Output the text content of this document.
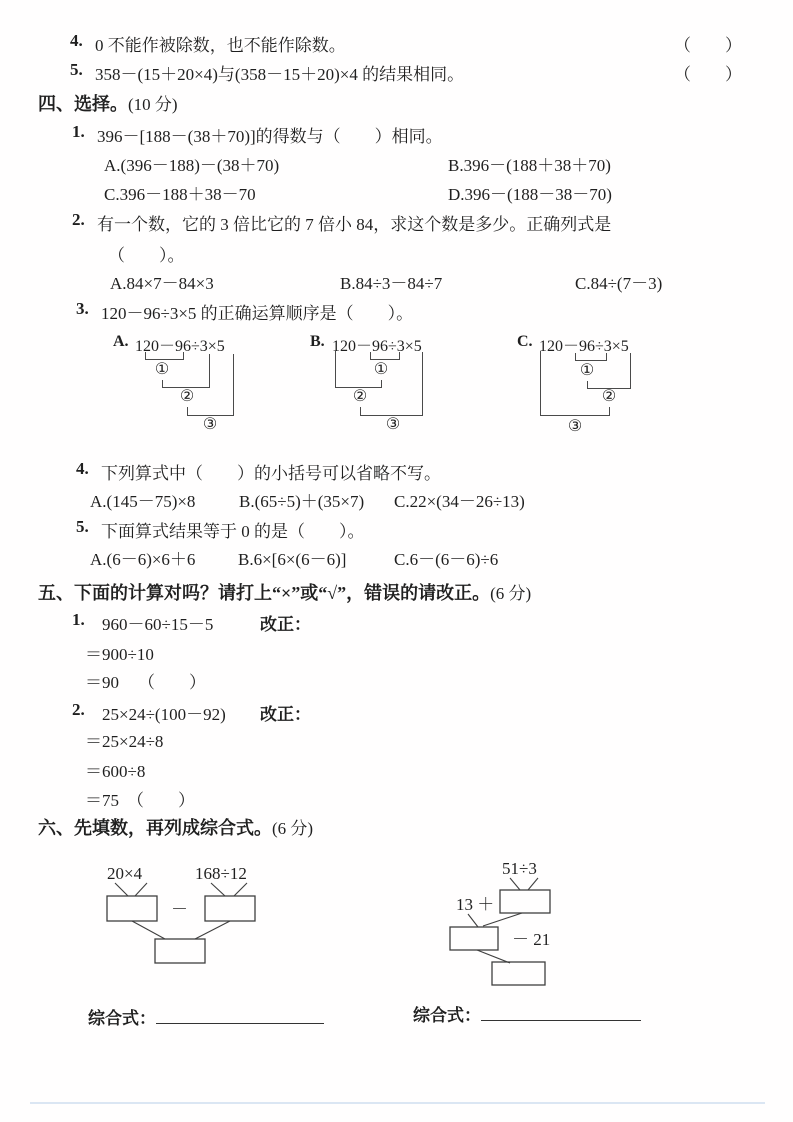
4. 0 不能作被除数，也不能作除数。	（　　）
5. 358－(15＋20×4)与(358－15＋20)×4 的结果相同。	（　　）
四、选择。(10 分)
1. 396－[188－(38＋70)]的得数与（　　）相同。
A.(396－188)－(38＋70)	B.396－(188＋38＋70)
C.396－188＋38－70	D.396－(188－38－70)
2. 有一个数，它的 3 倍比它的 7 倍小 84，求这个数是多少。正确列式是
（　　）。
A.84×7－84×3	B.84÷3－84÷7	C.84÷(7－3)
3. 120－96÷3×5 的正确运算顺序是（　　）。
A. 120－96÷3×5
①
②
③
B. 120－96÷3×5
①
②
③
C. 120－96÷3×5
①
②
③
4. 下列算式中（　　）的小括号可以省略不写。
A.(145－75)×8	B.(65÷5)＋(35×7) C.22×(34－26÷13)
5. 下面算式结果等于 0 的是（　　）。
A.(6－6)×6＋6	B.6×[6×(6－6)]	C.6－(6－6)÷6
五、下面的计算对吗？请打上“×”或“√”，错误的请改正。(6 分)
1. 960－60÷15－5	改正：
＝900÷10
＝90 （　　）
2. 25×24÷(100－92) 改正：
＝25×24÷8
＝600÷8
＝75 （　　）
六、先填数，再列成综合式。(6 分)
20×4	168÷12
－
51÷3
13 ＋
－ 21
综合式：	综合式：
